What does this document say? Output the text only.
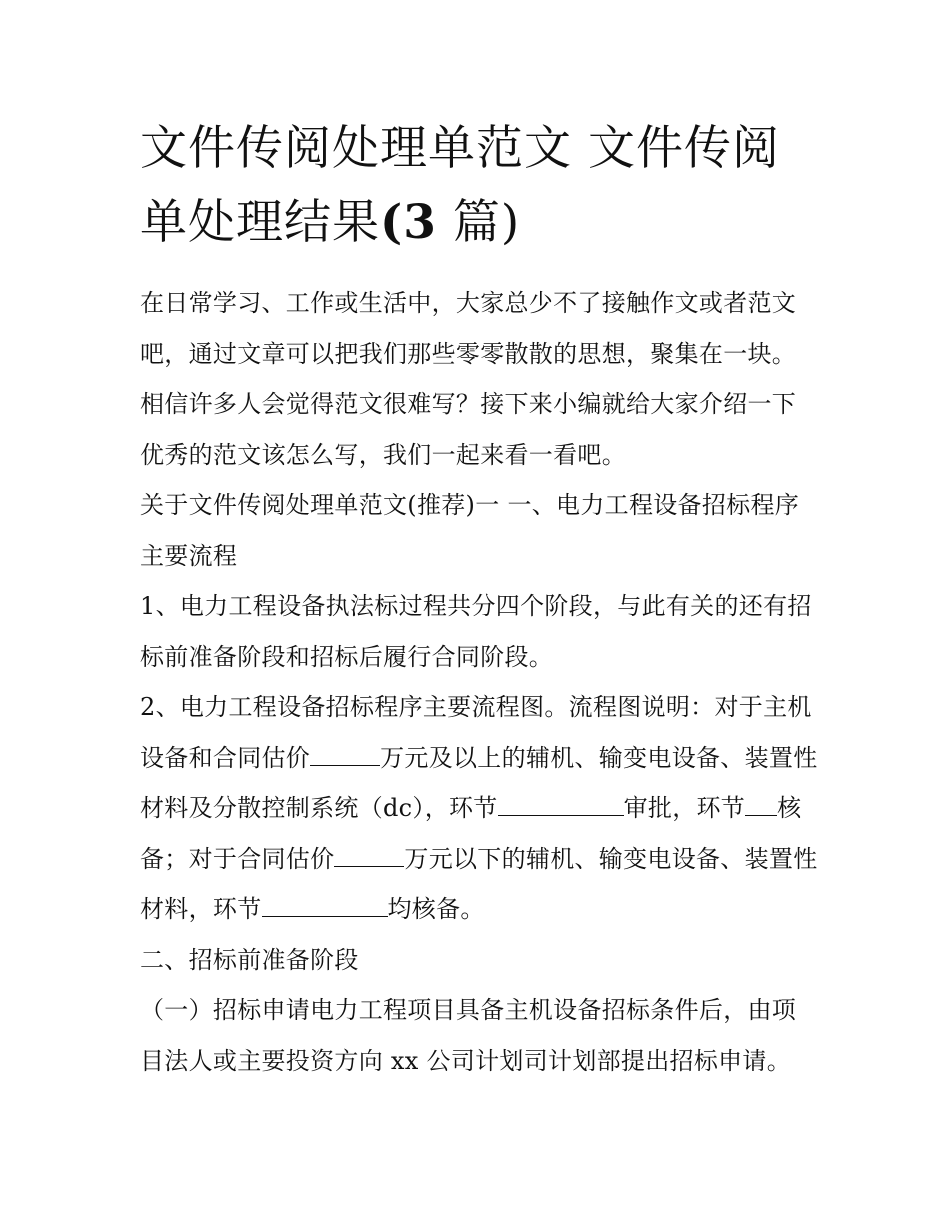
文件传阅处理单范文 文件传阅单处理结果(3 篇)

在日常学习、工作或生活中，大家总少不了接触作文或者范文吧，通过文章可以把我们那些零零散散的思想，聚集在一块。相信许多人会觉得范文很难写？接下来小编就给大家介绍一下优秀的范文该怎么写，我们一起来看一看吧。

关于文件传阅处理单范文(推荐)一 一、电力工程设备招标程序主要流程

1、电力工程设备执法标过程共分四个阶段，与此有关的还有招标前准备阶段和招标后履行合同阶段。

2、电力工程设备招标程序主要流程图。流程图说明：对于主机设备和合同估价	万元及以上的辅机、输变电设备、装置性材料及分散控制系统（dc），环节	审批，环节 核备；对于合同估价	万元以下的辅机、输变电设备、装置性材料，环节	均核备。

二、招标前准备阶段

（一）招标申请电力工程项目具备主机设备招标条件后，由项目法人或主要投资方向 xx 公司计划司计划部提出招标申请。
